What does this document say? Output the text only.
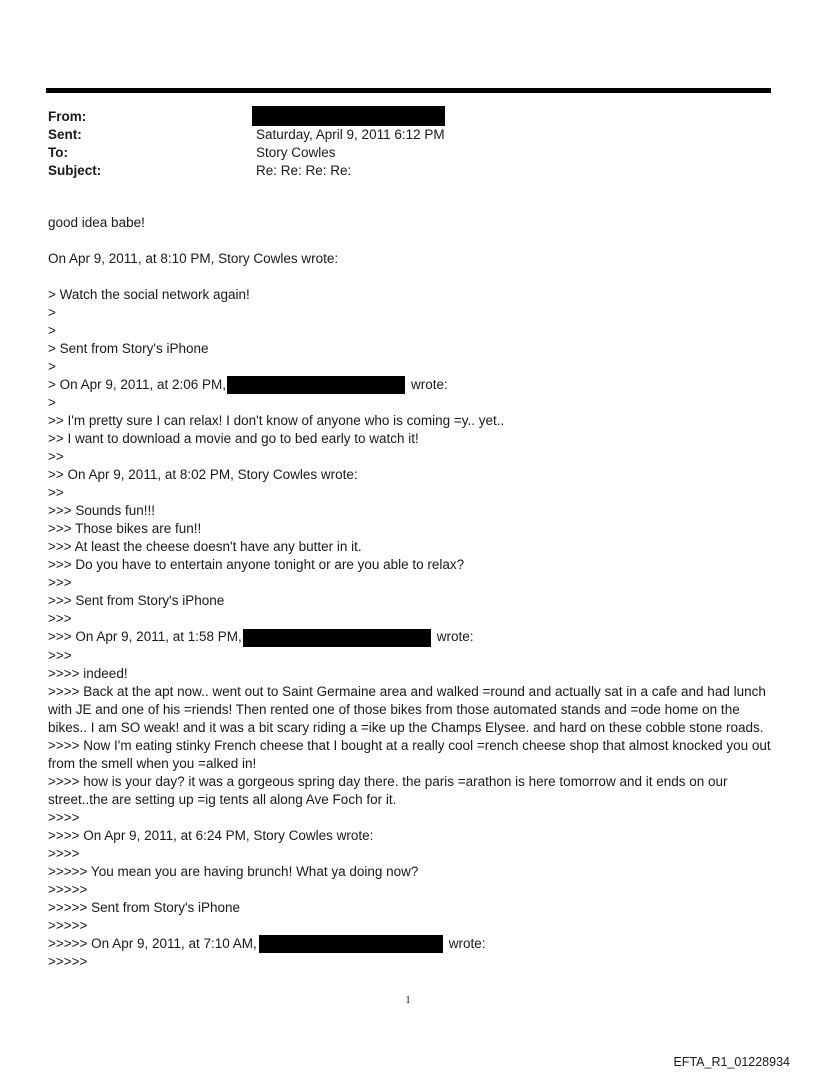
From:
Sent:	Saturday, April 9, 2011 6:12 PM
To:	Story Cowles
Subject:	Re: Re: Re: Re:
good idea babe!
On Apr 9, 2011, at 8:10 PM, Story Cowles wrote:
> Watch the social network again!
>
>
> Sent from Story's iPhone
>
> On Apr 9, 2011, at 2:06 PM,	wrote:
>
>> I'm pretty sure I can relax! I don't know of anyone who is coming =y.. yet..
>> I want to download a movie and go to bed early to watch it!
>>
>> On Apr 9, 2011, at 8:02 PM, Story Cowles wrote:
>>
>>> Sounds fun!!!
>>> Those bikes are fun!!
>>> At least the cheese doesn't have any butter in it.
>>> Do you have to entertain anyone tonight or are you able to relax?
>>>
>>> Sent from Story's iPhone
>>>
>>> On Apr 9, 2011, at 1:58 PM,	wrote:
>>>
>>>> indeed!
>>>> Back at the apt now.. went out to Saint Germaine area and walked =round and actually sat in a cafe and had lunch with JE and one of his =riends! Then rented one of those bikes from those automated stands and =ode home on the bikes.. I am SO weak! and it was a bit scary riding a =ike up the Champs Elysee. and hard on these cobble stone roads.
>>>> Now I'm eating stinky French cheese that I bought at a really cool =rench cheese shop that almost knocked you out from the smell when you =alked in!
>>>> how is your day? it was a gorgeous spring day there. the paris =arathon is here tomorrow and it ends on our street..the are setting up =ig tents all along Ave Foch for it.
>>>>
>>>> On Apr 9, 2011, at 6:24 PM, Story Cowles wrote:
>>>>
>>>>> You mean you are having brunch! What ya doing now?
>>>>>
>>>>> Sent from Story's iPhone
>>>>>
>>>>> On Apr 9, 2011, at 7:10 AM,	wrote:
>>>>>
1
EFTA_R1_01228934
